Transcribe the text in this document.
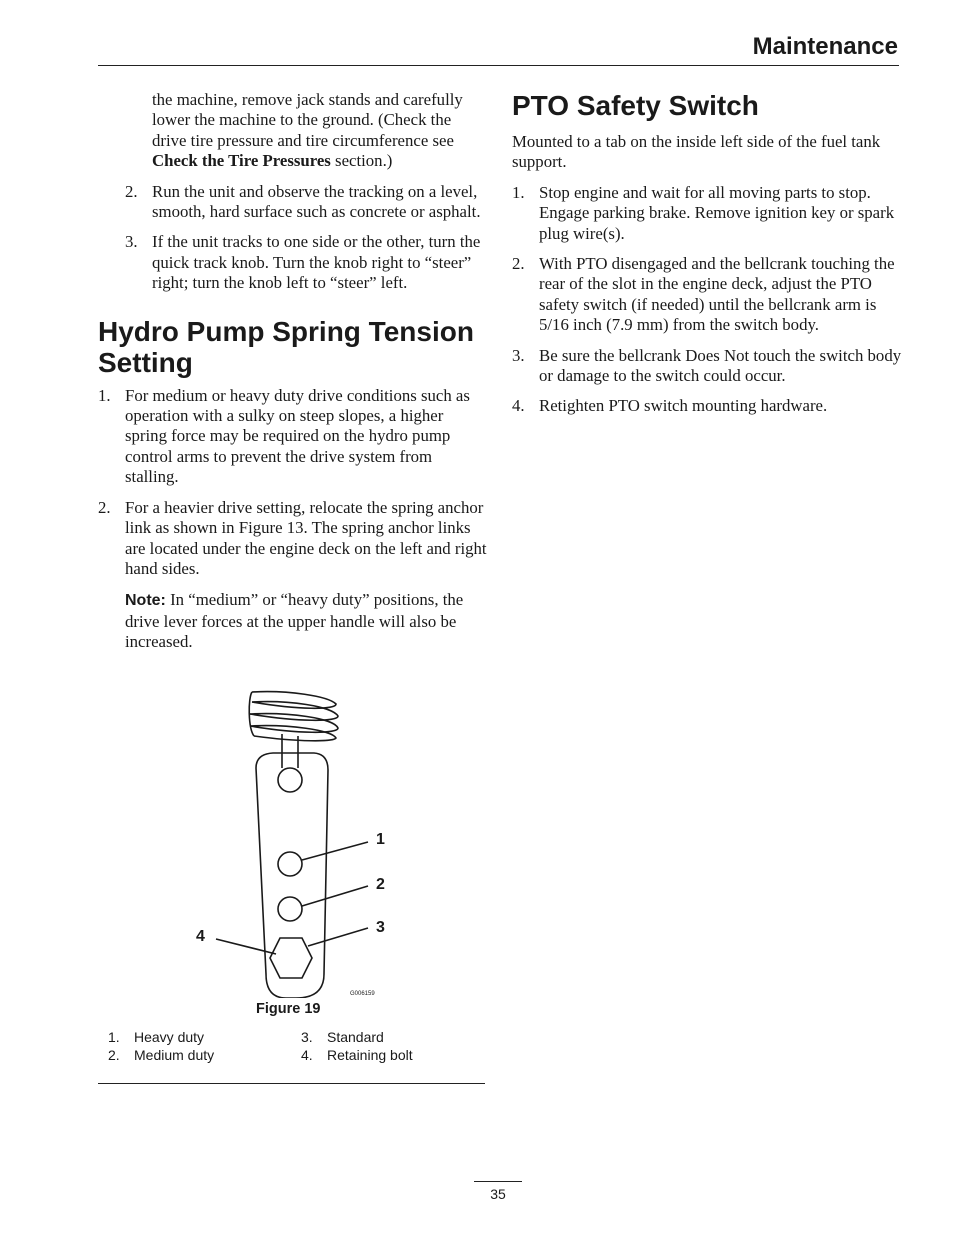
Maintenance

the machine, remove jack stands and carefully lower the machine to the ground. (Check the drive tire pressure and tire circumference see Check the Tire Pressures section.)

2. Run the unit and observe the tracking on a level, smooth, hard surface such as concrete or asphalt.
3. If the unit tracks to one side or the other, turn the quick track knob. Turn the knob right to “steer” right; turn the knob left to “steer” left.
Hydro Pump Spring Tension Setting
1. For medium or heavy duty drive conditions such as operation with a sulky on steep slopes, a higher spring force may be required on the hydro pump control arms to prevent the drive system from stalling.
2. For a heavier drive setting, relocate the spring anchor link as shown in Figure 13. The spring anchor links are located under the engine deck on the left and right hand sides.

Note: In “medium” or “heavy duty” positions, the drive lever forces at the upper handle will also be increased.

G006159
1
2
3
4
Figure 19
1. Heavy duty
2. Medium duty
3. Standard
4. Retaining bolt
PTO Safety Switch

Mounted to a tab on the inside left side of the fuel tank support.

1. Stop engine and wait for all moving parts to stop. Engage parking brake. Remove ignition key or spark plug wire(s).
2. With PTO disengaged and the bellcrank touching the rear of the slot in the engine deck, adjust the PTO safety switch (if needed) until the bellcrank arm is 5/16 inch (7.9 mm) from the switch body.
3. Be sure the bellcrank Does Not touch the switch body or damage to the switch could occur.
4. Retighten PTO switch mounting hardware.
35
